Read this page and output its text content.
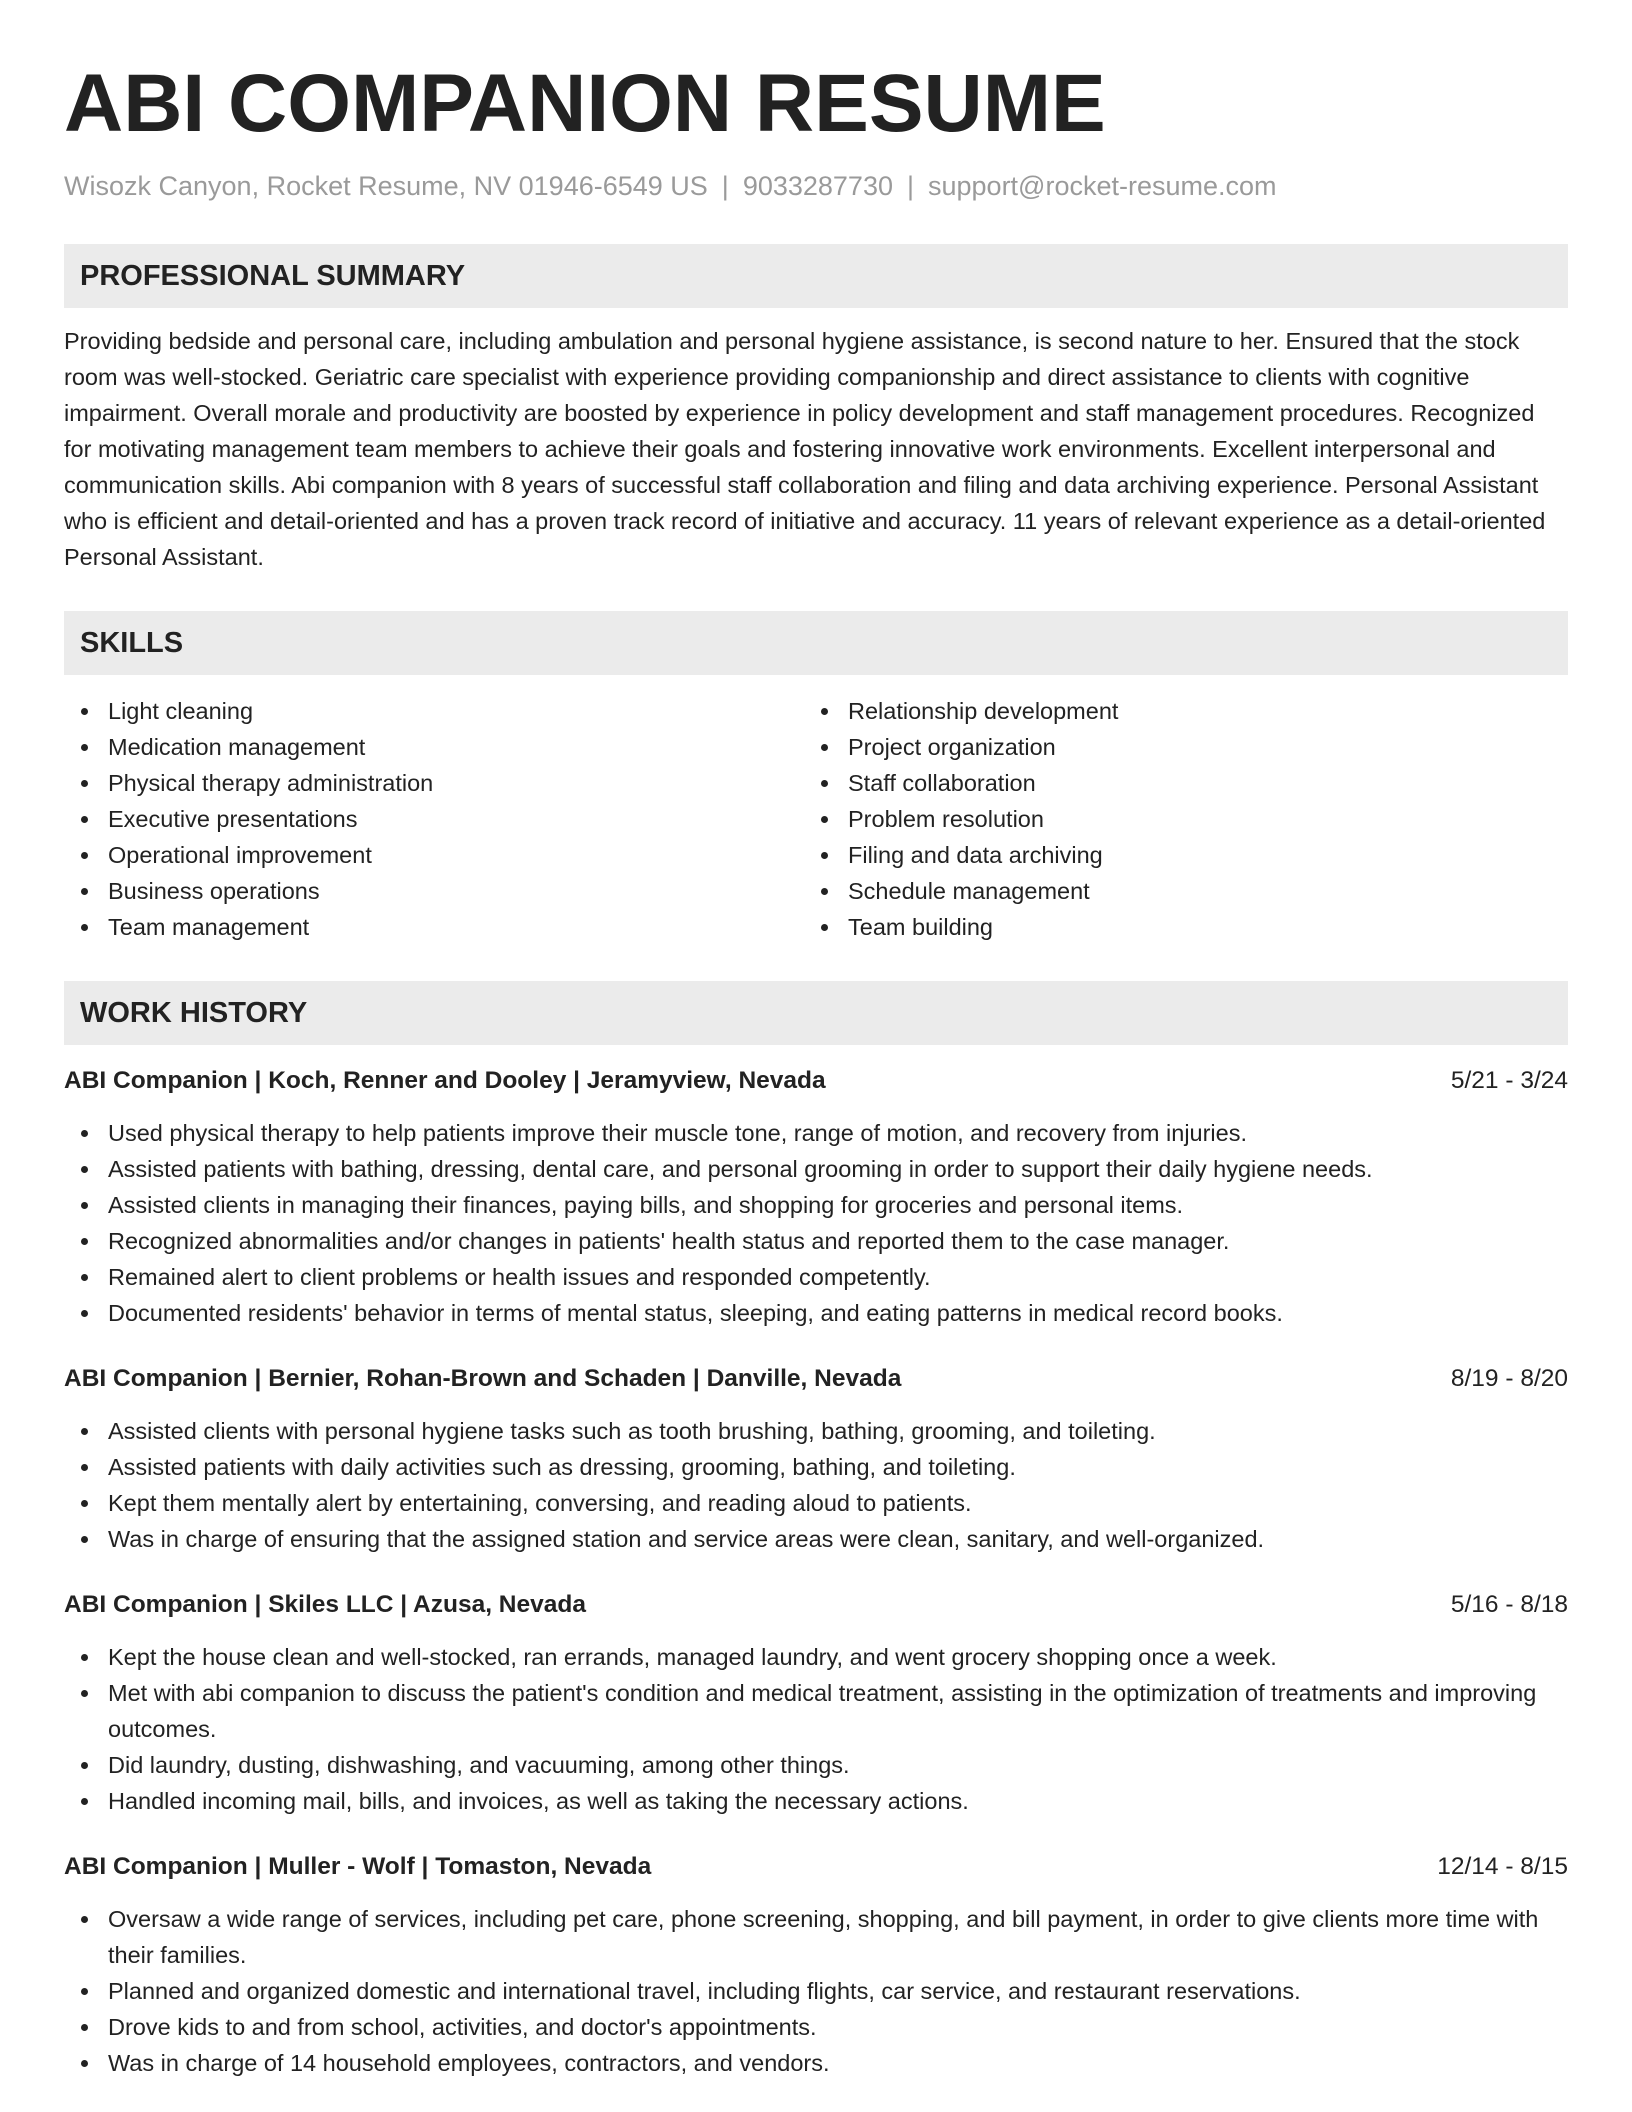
ABI COMPANION RESUME
Wisozk Canyon, Rocket Resume, NV 01946-6549 US | 9033287730 | support@rocket-resume.com
PROFESSIONAL SUMMARY
Providing bedside and personal care, including ambulation and personal hygiene assistance, is second nature to her. Ensured that the stock room was well-stocked. Geriatric care specialist with experience providing companionship and direct assistance to clients with cognitive impairment. Overall morale and productivity are boosted by experience in policy development and staff management procedures. Recognized for motivating management team members to achieve their goals and fostering innovative work environments. Excellent interpersonal and communication skills. Abi companion with 8 years of successful staff collaboration and filing and data archiving experience. Personal Assistant who is efficient and detail-oriented and has a proven track record of initiative and accuracy. 11 years of relevant experience as a detail-oriented Personal Assistant.
SKILLS
Light cleaning
Medication management
Physical therapy administration
Executive presentations
Operational improvement
Business operations
Team management
Relationship development
Project organization
Staff collaboration
Problem resolution
Filing and data archiving
Schedule management
Team building
WORK HISTORY
ABI Companion | Koch, Renner and Dooley | Jeramyview, Nevada	5/21 - 3/24
Used physical therapy to help patients improve their muscle tone, range of motion, and recovery from injuries.
Assisted patients with bathing, dressing, dental care, and personal grooming in order to support their daily hygiene needs.
Assisted clients in managing their finances, paying bills, and shopping for groceries and personal items.
Recognized abnormalities and/or changes in patients' health status and reported them to the case manager.
Remained alert to client problems or health issues and responded competently.
Documented residents' behavior in terms of mental status, sleeping, and eating patterns in medical record books.
ABI Companion | Bernier, Rohan-Brown and Schaden | Danville, Nevada	8/19 - 8/20
Assisted clients with personal hygiene tasks such as tooth brushing, bathing, grooming, and toileting.
Assisted patients with daily activities such as dressing, grooming, bathing, and toileting.
Kept them mentally alert by entertaining, conversing, and reading aloud to patients.
Was in charge of ensuring that the assigned station and service areas were clean, sanitary, and well-organized.
ABI Companion | Skiles LLC | Azusa, Nevada	5/16 - 8/18
Kept the house clean and well-stocked, ran errands, managed laundry, and went grocery shopping once a week.
Met with abi companion to discuss the patient's condition and medical treatment, assisting in the optimization of treatments and improving outcomes.
Did laundry, dusting, dishwashing, and vacuuming, among other things.
Handled incoming mail, bills, and invoices, as well as taking the necessary actions.
ABI Companion | Muller - Wolf | Tomaston, Nevada	12/14 - 8/15
Oversaw a wide range of services, including pet care, phone screening, shopping, and bill payment, in order to give clients more time with their families.
Planned and organized domestic and international travel, including flights, car service, and restaurant reservations.
Drove kids to and from school, activities, and doctor's appointments.
Was in charge of 14 household employees, contractors, and vendors.
